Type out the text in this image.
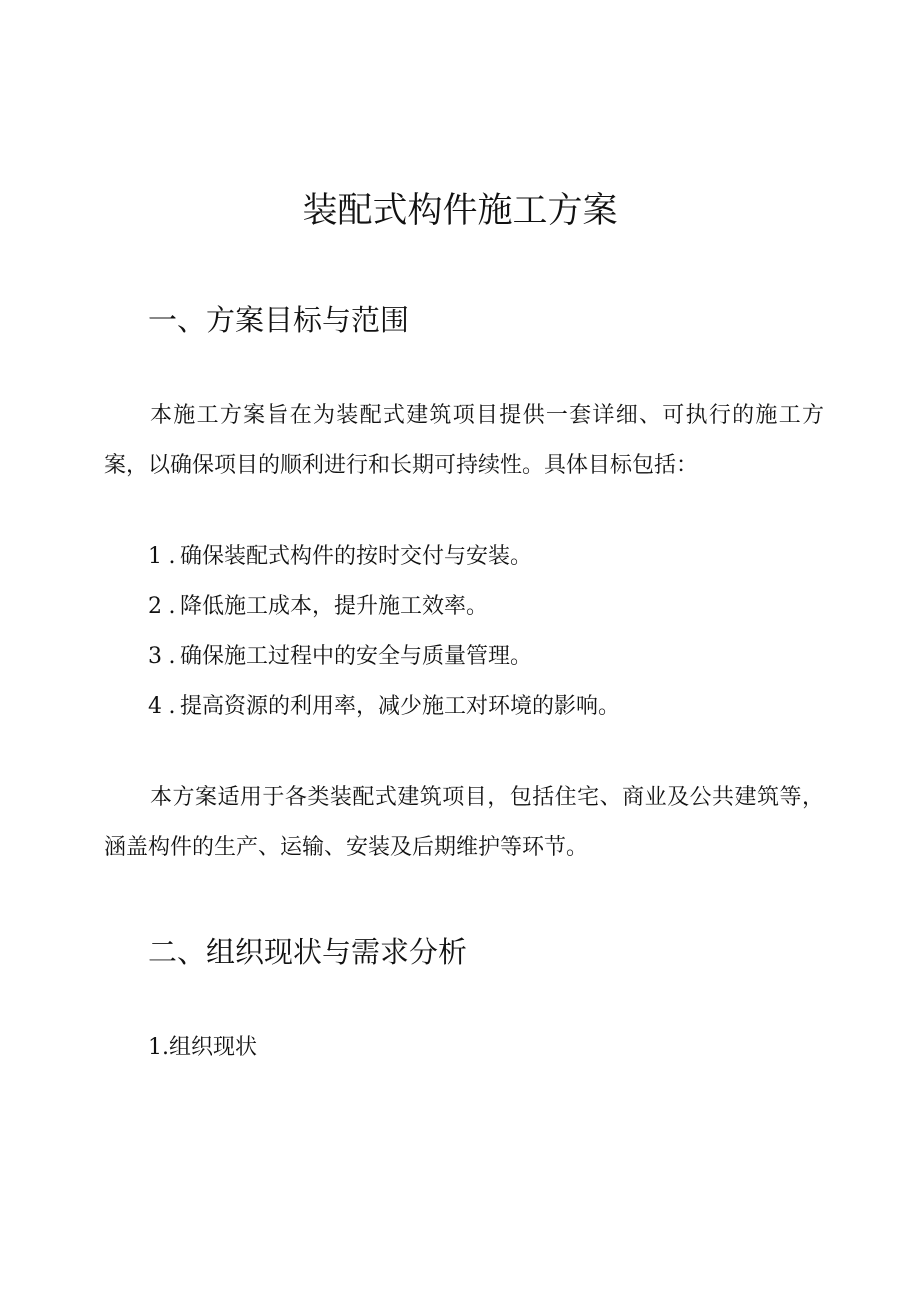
装配式构件施工方案
一、方案目标与范围

本施工方案旨在为装配式建筑项目提供一套详细、可执行的施工方案，以确保项目的顺利进行和长期可持续性。具体目标包括：

1 . 确保装配式构件的按时交付与安装。
2 . 降低施工成本，提升施工效率。
3 . 确保施工过程中的安全与质量管理。
4 . 提高资源的利用率，减少施工对环境的影响。

本方案适用于各类装配式建筑项目，包括住宅、商业及公共建筑等，涵盖构件的生产、运输、安装及后期维护等环节。

二、组织现状与需求分析

1.组织现状
